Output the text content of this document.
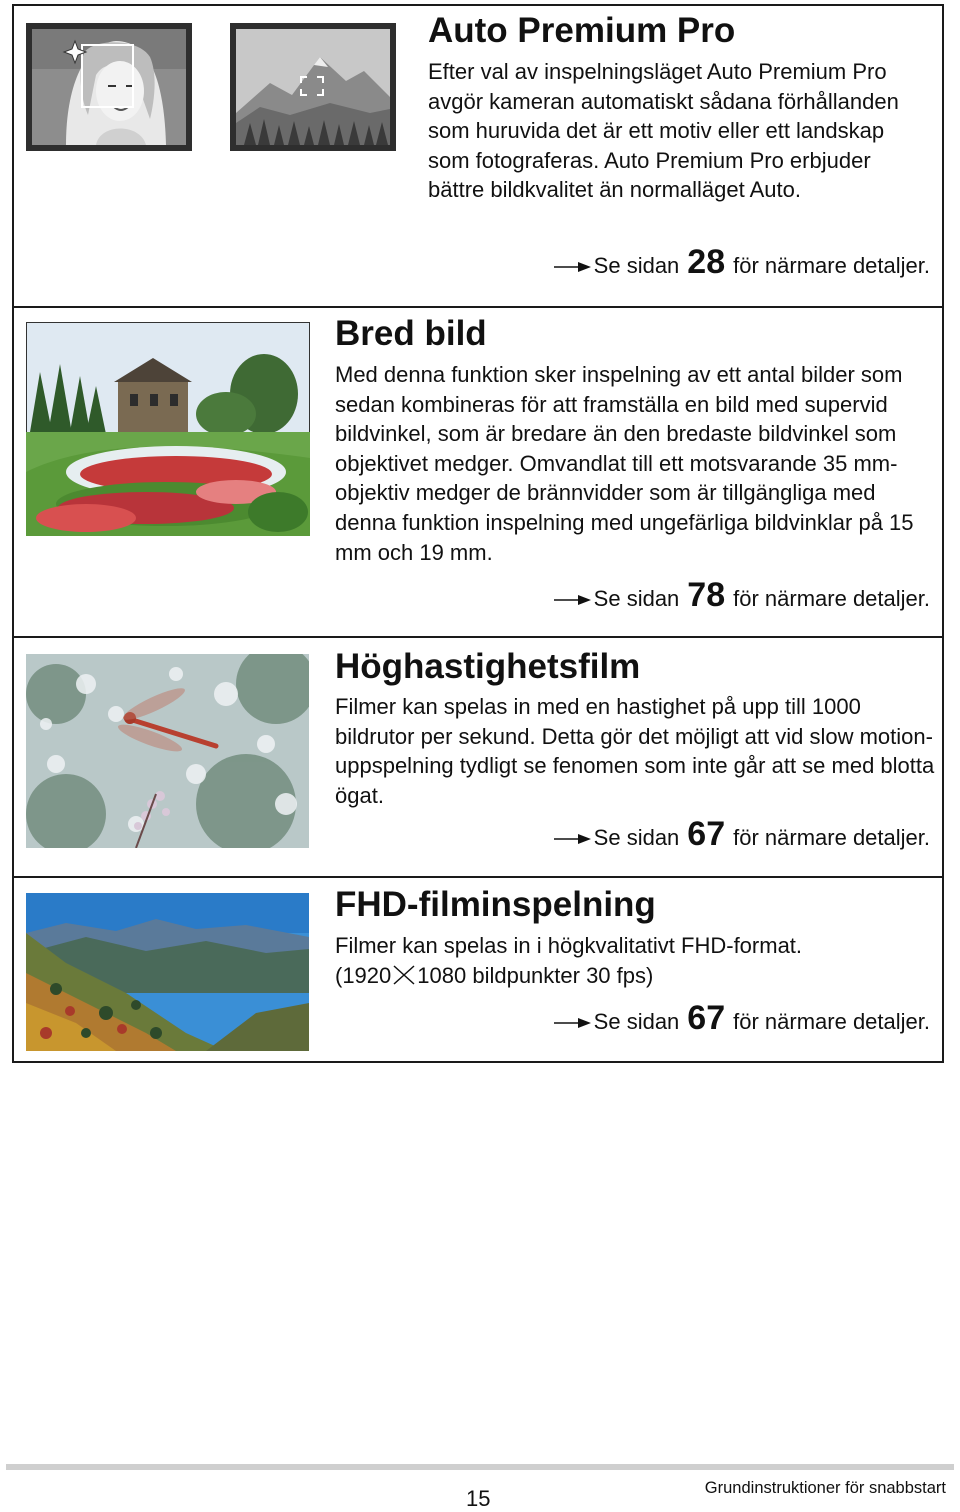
Auto Premium Pro
Efter val av inspelningsläget Auto Premium Pro avgör kameran automatiskt sådana förhållanden som huruvida det är ett motiv eller ett landskap som fotograferas. Auto Premium Pro erbjuder bättre bildkvalitet än normalläget Auto.
Se sidan 28 för närmare detaljer.
Bred bild
Med denna funktion sker inspelning av ett antal bilder som sedan kombineras för att framställa en bild med supervid bildvinkel, som är bredare än den bredaste bildvinkel som objektivet medger. Omvandlat till ett motsvarande 35 mm-objektiv medger de brännvidder som är tillgängliga med denna funktion inspelning med ungefärliga bildvinklar på 15 mm och 19 mm.
Se sidan 78 för närmare detaljer.
Höghastighetsfilm
Filmer kan spelas in med en hastighet på upp till 1000 bildrutor per sekund. Detta gör det möjligt att vid slow motion-uppspelning tydligt se fenomen som inte går att se med blotta ögat.
Se sidan 67 för närmare detaljer.
FHD-filminspelning
Filmer kan spelas in i högkvalitativt FHD-format.
(1920 1080 bildpunkter 30 fps)
Se sidan 67 för närmare detaljer.
15	Grundinstruktioner för snabbstart
